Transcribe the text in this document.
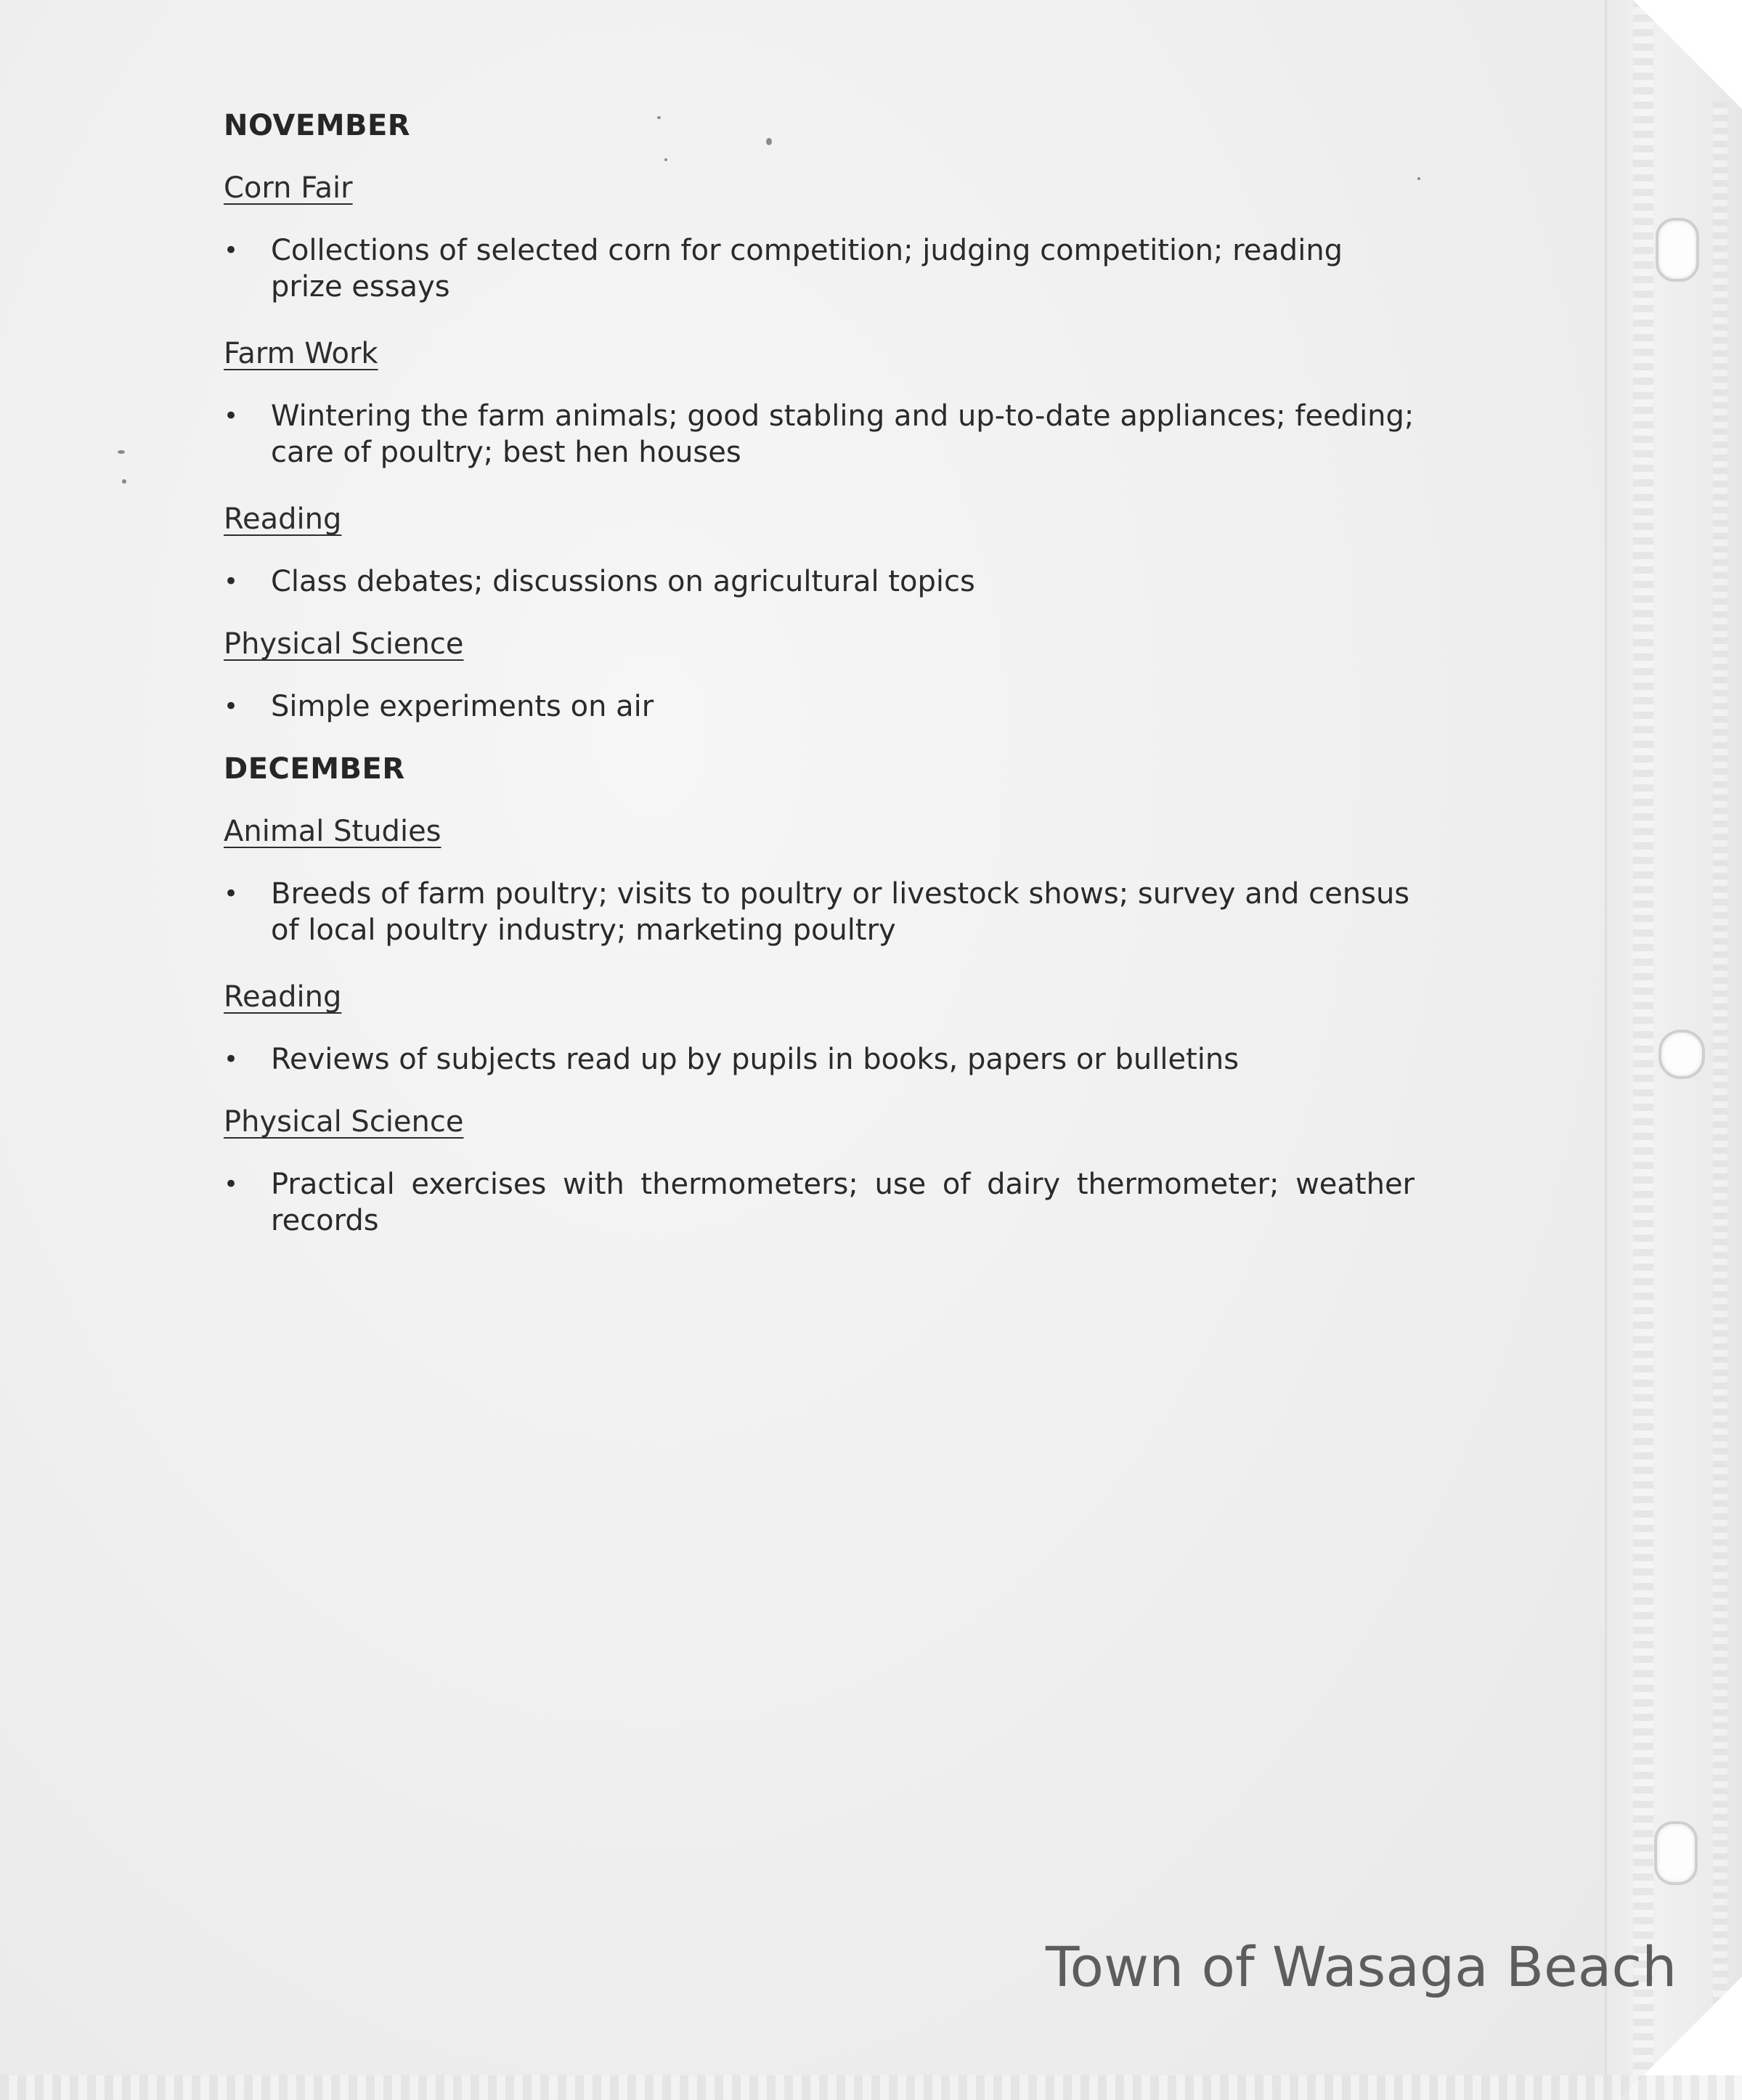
NOVEMBER
Corn Fair
•	Collections of selected corn for competition; judging competition; reading prize essays
Farm Work
•	Wintering the farm animals; good stabling and up-to-date appliances; feeding; care of poultry; best hen houses
Reading
•	Class debates; discussions on agricultural topics
Physical Science
•	Simple experiments on air
DECEMBER
Animal Studies
•	Breeds of farm poultry; visits to poultry or livestock shows; survey and census of local poultry industry; marketing poultry
Reading
•	Reviews of subjects read up by pupils in books, papers or bulletins
Physical Science
•	Practical exercises with thermometers; use of dairy thermometer; weather records
Town of Wasaga Beach
